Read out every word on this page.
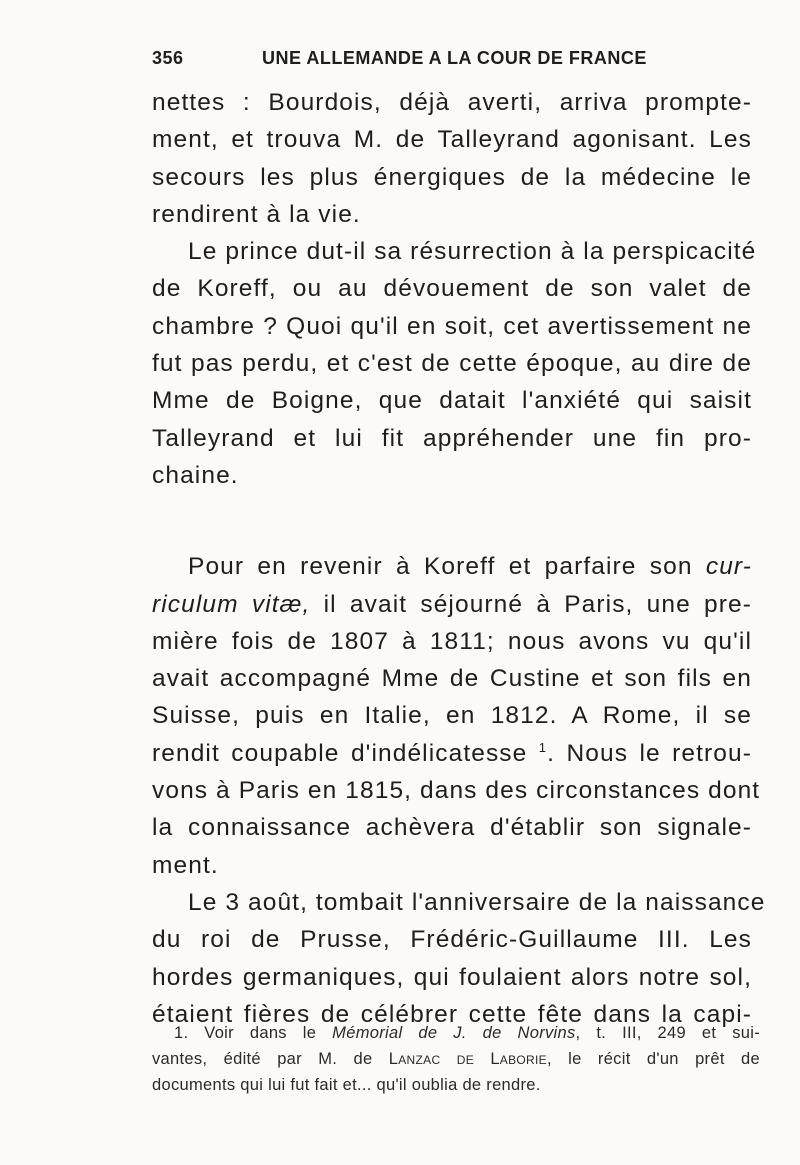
356	UNE ALLEMANDE A LA COUR DE FRANCE
nettes : Bourdois, déjà averti, arriva prompte-
ment, et trouva M. de Talleyrand agonisant. Les
secours les plus énergiques de la médecine le
rendirent à la vie.
Le prince dut-il sa résurrection à la perspicacité
de Koreff, ou au dévouement de son valet de
chambre ? Quoi qu'il en soit, cet avertissement ne
fut pas perdu, et c'est de cette époque, au dire de
Mme de Boigne, que datait l'anxiété qui saisit
Talleyrand et lui fit appréhender une fin pro-
chaine.
Pour en revenir à Koreff et parfaire son cur-
riculum vitæ, il avait séjourné à Paris, une pre-
mière fois de 1807 à 1811; nous avons vu qu'il
avait accompagné Mme de Custine et son fils en
Suisse, puis en Italie, en 1812. A Rome, il se
rendit coupable d'indélicatesse $^1$. Nous le retrou-
vons à Paris en 1815, dans des circonstances dont
la connaissance achèvera d'établir son signale-
ment.
Le 3 août, tombait l'anniversaire de la naissance
du roi de Prusse, Frédéric-Guillaume III. Les
hordes germaniques, qui foulaient alors notre sol,
étaient fières de célébrer cette fête dans la capi-
1. Voir dans le Mémorial de J. de Norvins, t. III, 249 et sui-
vantes, édité par M. de Lanzac de Laborie, le récit d'un prêt de
documents qui lui fut fait et... qu'il oublia de rendre.
